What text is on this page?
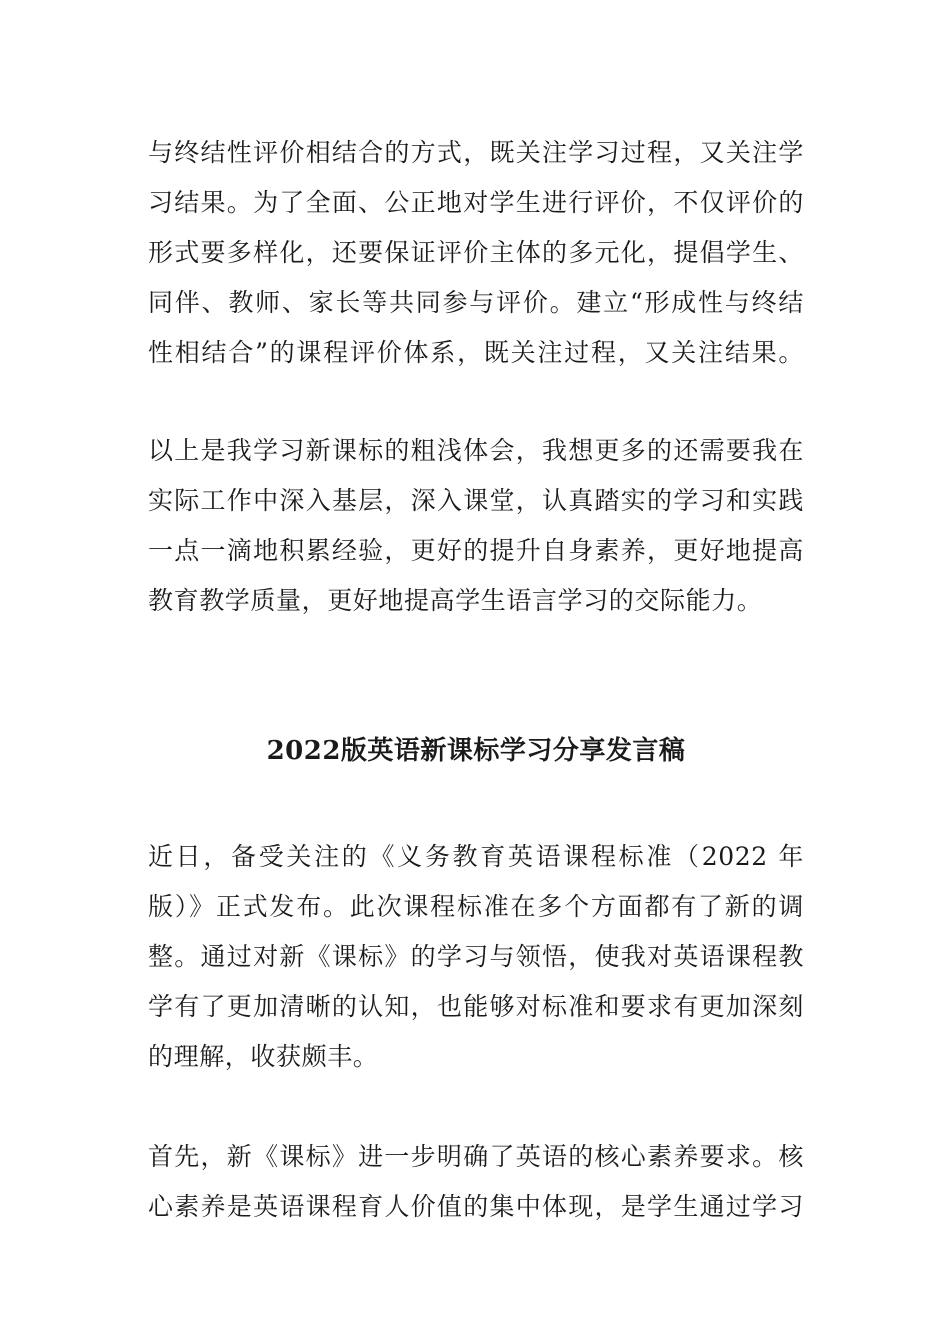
与终结性评价相结合的方式，既关注学习过程，又关注学
习结果。为了全面、公正地对学生进行评价，不仅评价的
形式要多样化，还要保证评价主体的多元化，提倡学生、
同伴、教师、家长等共同参与评价。建立“形成性与终结
性相结合”的课程评价体系，既关注过程，又关注结果。
以上是我学习新课标的粗浅体会，我想更多的还需要我在
实际工作中深入基层，深入课堂，认真踏实的学习和实践
一点一滴地积累经验，更好的提升自身素养，更好地提高
教育教学质量，更好地提高学生语言学习的交际能力。
2022版英语新课标学习分享发言稿
近日，备受关注的《义务教育英语课程标准（2022 年
版）》正式发布。此次课程标准在多个方面都有了新的调
整。通过对新《课标》的学习与领悟，使我对英语课程教
学有了更加清晰的认知，也能够对标准和要求有更加深刻
的理解，收获颇丰。
首先，新《课标》进一步明确了英语的核心素养要求。核
心素养是英语课程育人价值的集中体现，是学生通过学习
